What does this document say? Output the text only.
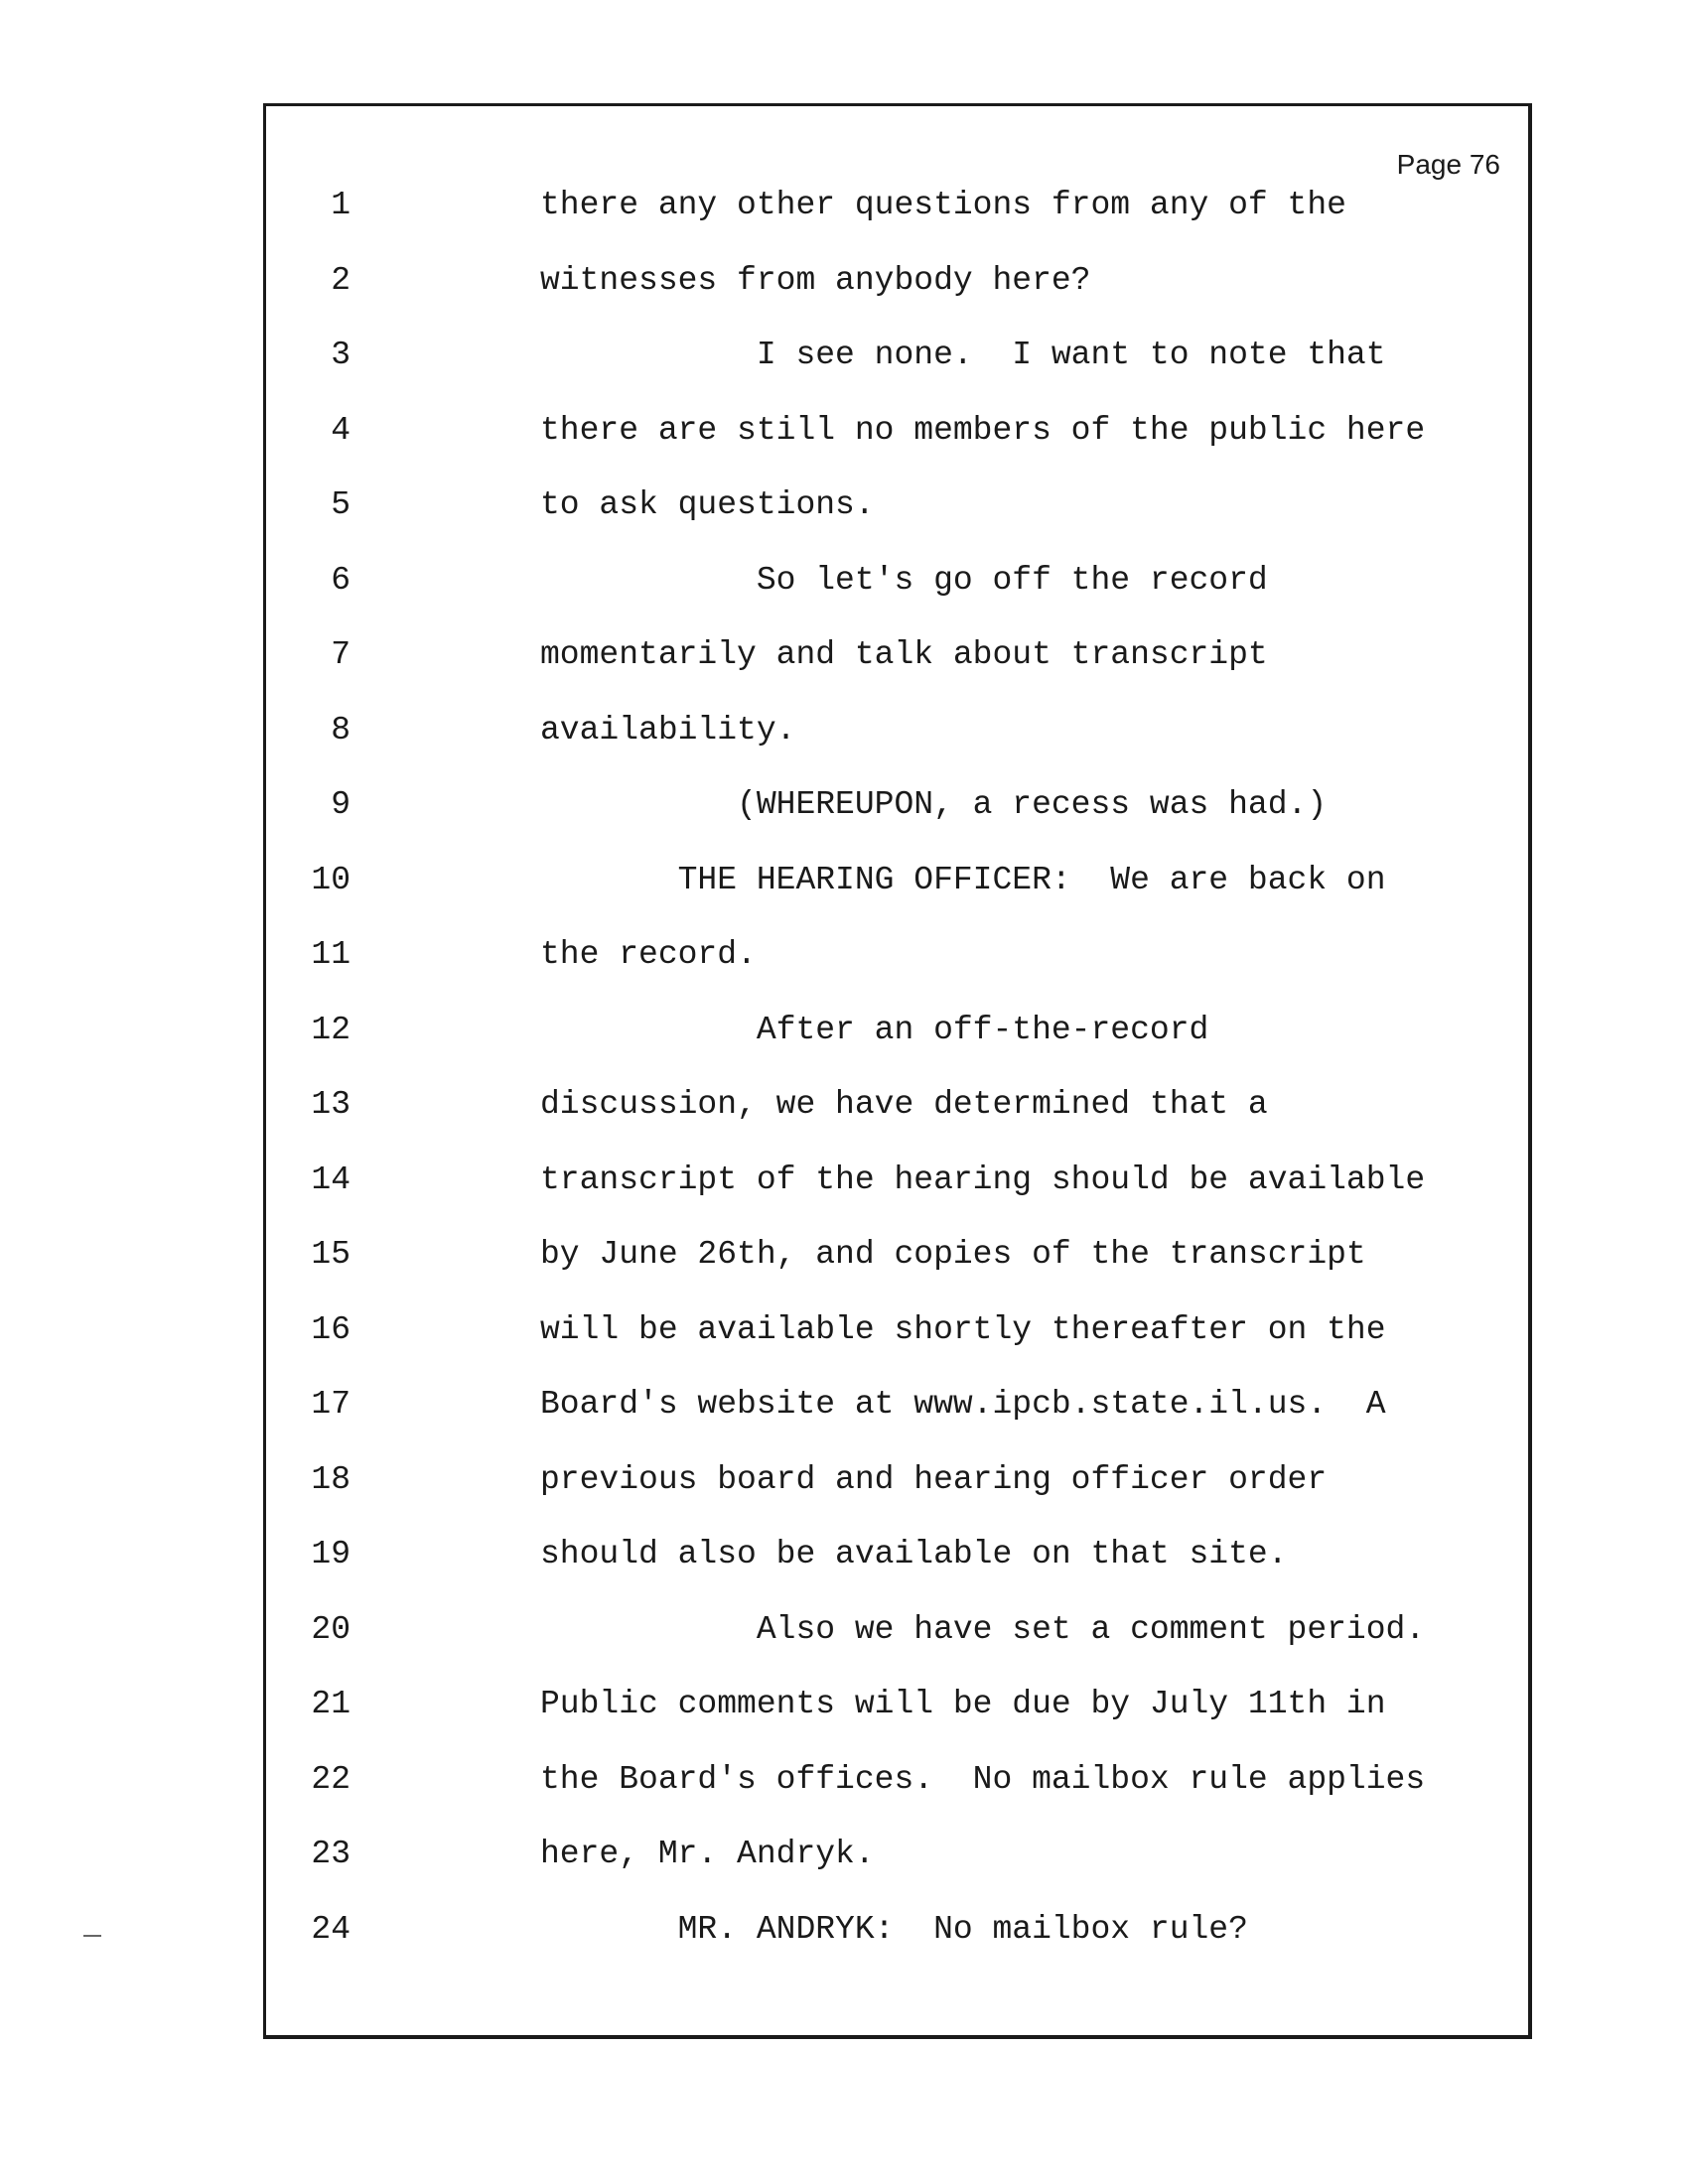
Page 76
1	there any other questions from any of the
2	witnesses from anybody here?
3	I see none.  I want to note that
4	there are still no members of the public here
5	to ask questions.
6	So let's go off the record
7	momentarily and talk about transcript
8	availability.
9	(WHEREUPON, a recess was had.)
10	THE HEARING OFFICER:  We are back on
11	the record.
12	After an off-the-record
13	discussion, we have determined that a
14	transcript of the hearing should be available
15	by June 26th, and copies of the transcript
16	will be available shortly thereafter on the
17	Board's website at www.ipcb.state.il.us.  A
18	previous board and hearing officer order
19	should also be available on that site.
20	Also we have set a comment period.
21	Public comments will be due by July 11th in
22	the Board's offices.  No mailbox rule applies
23	here, Mr. Andryk.
24	MR. ANDRYK:  No mailbox rule?
